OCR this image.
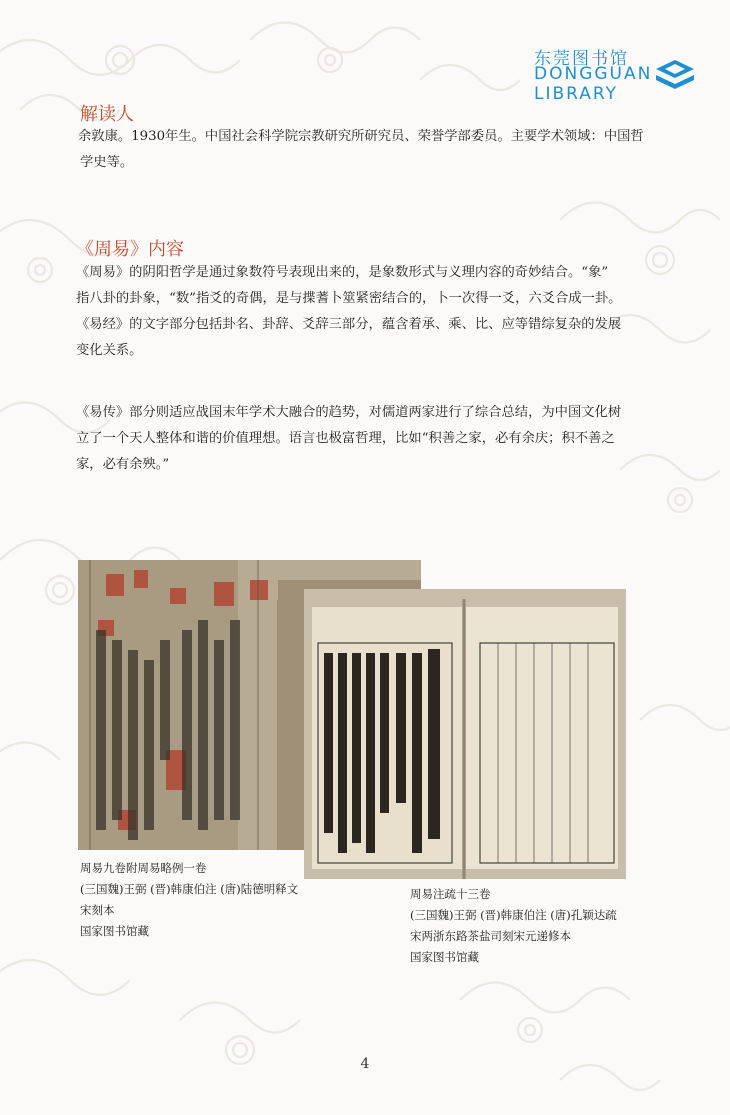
东莞图书馆
DONGGUAN
LIBRARY
解读人
余敦康。1930年生。中国社会科学院宗教研究所研究员、荣誉学部委员。主要学术领域：中国哲
学史等。
《周易》内容
《周易》的阴阳哲学是通过象数符号表现出来的，是象数形式与义理内容的奇妙结合。“象”
指八卦的卦象，“数”指爻的奇偶，是与揲蓍卜筮紧密结合的，卜一次得一爻，六爻合成一卦。
《易经》的文字部分包括卦名、卦辞、爻辞三部分，蕴含着承、乘、比、应等错综复杂的发展
变化关系。
《易传》部分则适应战国末年学术大融合的趋势，对儒道两家进行了综合总结，为中国文化树
立了一个天人整体和谐的价值理想。语言也极富哲理，比如“积善之家，必有余庆；积不善之
家，必有余殃。”
周易九卷附周易略例一卷
(三国魏)王弼 (晋)韩康伯注 (唐)陆德明释文
宋刻本
国家图书馆藏
周易注疏十三卷
(三国魏)王弼 (晋)韩康伯注 (唐)孔颖达疏
宋两浙东路茶盐司刻宋元递修本
国家图书馆藏
4
